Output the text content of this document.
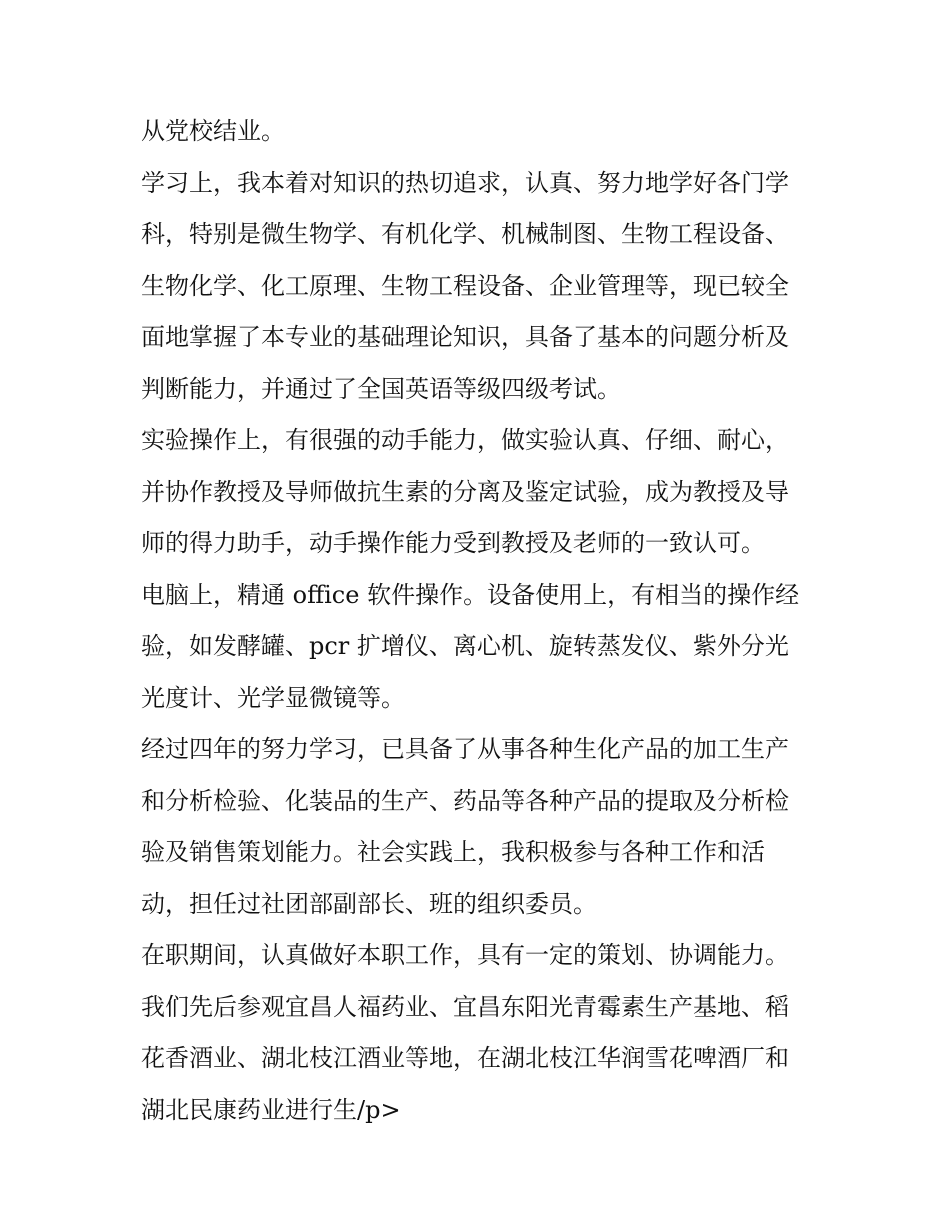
从党校结业。
学习上，我本着对知识的热切追求，认真、努力地学好各门学
科，特别是微生物学、有机化学、机械制图、生物工程设备、
生物化学、化工原理、生物工程设备、企业管理等，现已较全
面地掌握了本专业的基础理论知识，具备了基本的问题分析及
判断能力，并通过了全国英语等级四级考试。
实验操作上，有很强的动手能力，做实验认真、仔细、耐心，
并协作教授及导师做抗生素的分离及鉴定试验，成为教授及导
师的得力助手，动手操作能力受到教授及老师的一致认可。
电脑上，精通 office 软件操作。设备使用上，有相当的操作经
验，如发酵罐、pcr 扩增仪、离心机、旋转蒸发仪、紫外分光
光度计、光学显微镜等。
经过四年的努力学习，已具备了从事各种生化产品的加工生产
和分析检验、化装品的生产、药品等各种产品的提取及分析检
验及销售策划能力。社会实践上，我积极参与各种工作和活
动，担任过社团部副部长、班的组织委员。
在职期间，认真做好本职工作，具有一定的策划、协调能力。
我们先后参观宜昌人福药业、宜昌东阳光青霉素生产基地、稻
花香酒业、湖北枝江酒业等地，在湖北枝江华润雪花啤酒厂和
湖北民康药业进行生/p>
